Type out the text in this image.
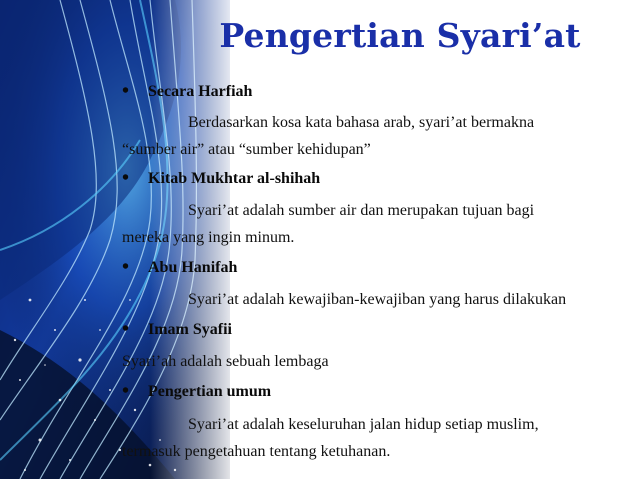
Pengertian Syari’at
• Secara Harfiah
Berdasarkan kosa kata bahasa arab, syari’at bermakna
“sumber air” atau “sumber kehidupan”
• Kitab Mukhtar al-shihah
Syari’at adalah sumber air dan merupakan tujuan bagi
mereka yang ingin minum.
• Abu Hanifah
Syari’at adalah kewajiban-kewajiban yang harus dilakukan
• Imam Syafii
Syari’ah adalah sebuah lembaga
• Pengertian umum
Syari’at adalah keseluruhan jalan hidup setiap muslim,
termasuk pengetahuan tentang ketuhanan.
